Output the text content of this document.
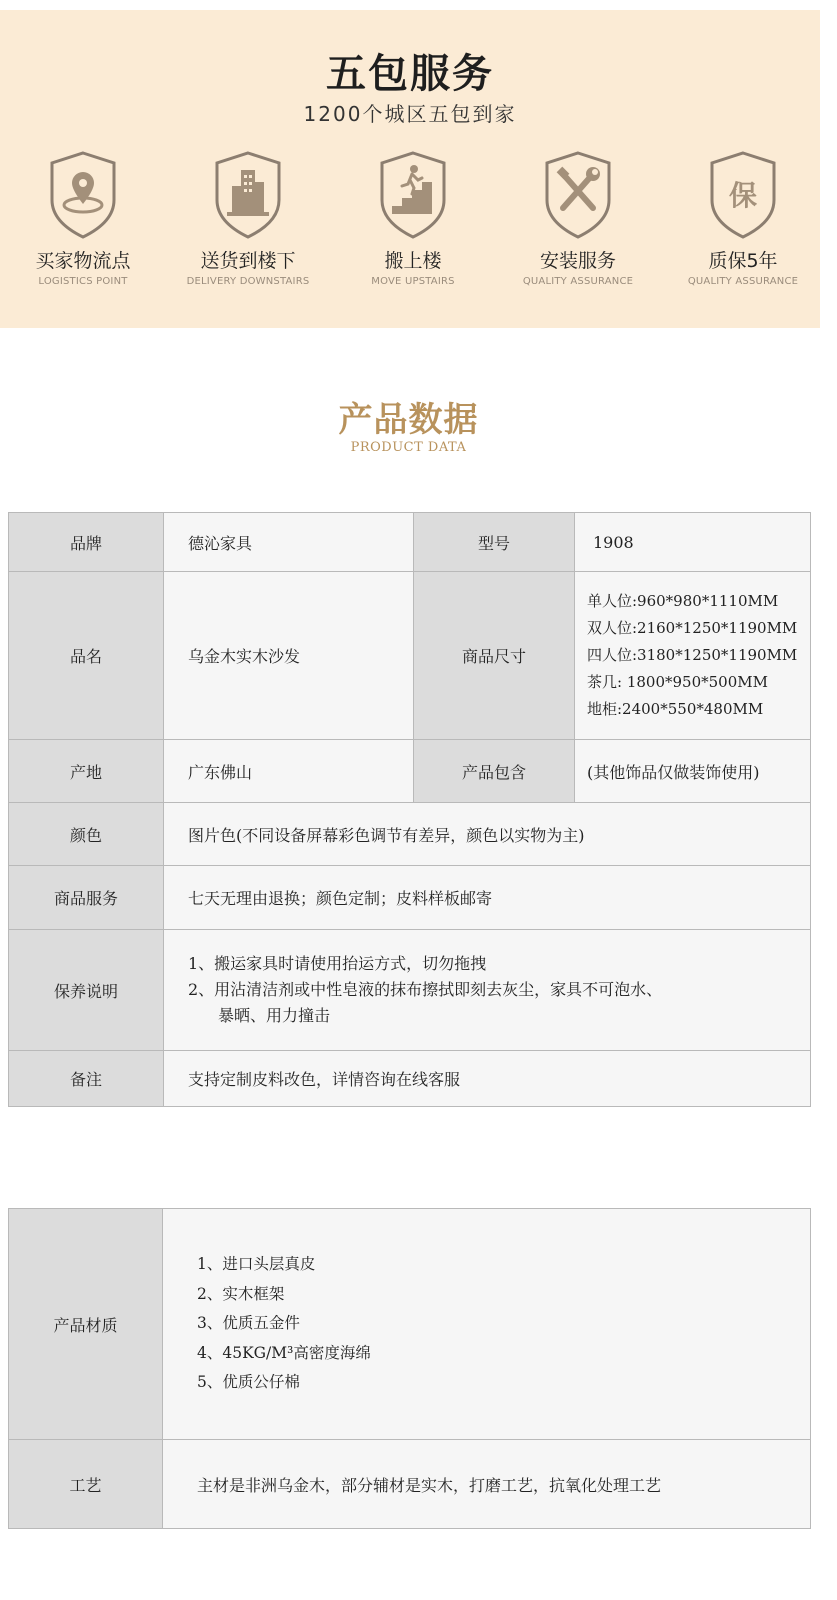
五包服务
1200个城区五包到家
买家物流点
LOGISTICS POINT
送货到楼下
DELIVERY DOWNSTAIRS
搬上楼
MOVE UPSTAIRS
安装服务
QUALITY ASSURANCE
保
质保5年
QUALITY ASSURANCE
产品数据
PRODUCT DATA
品牌	德沁家具	型号	1908
品名	乌金木实木沙发	商品尺寸	单人位:960*980*1110MM
双人位:2160*1250*1190MM
四人位:3180*1250*1190MM
茶几: 1800*950*500MM
地柜:2400*550*480MM

产地	广东佛山	产品包含	(其他饰品仅做装饰使用)
颜色	图片色(不同设备屏幕彩色调节有差异，颜色以实物为主)		
商品服务	七天无理由退换；颜色定制；皮料样板邮寄		
保养说明	1、搬运家具时请使用抬运方式，切勿拖拽
2、用沾清洁剂或中性皂液的抹布擦拭即刻去灰尘，家具不可泡水、
暴晒、用力撞击		

备注	支持定制皮料改色，详情咨询在线客服		
产品材质	1、进口头层真皮
2、实木框架
3、优质五金件
4、45KG/M³高密度海绵
5、优质公仔棉

工艺	主材是非洲乌金木，部分辅材是实木，打磨工艺，抗氧化处理工艺
